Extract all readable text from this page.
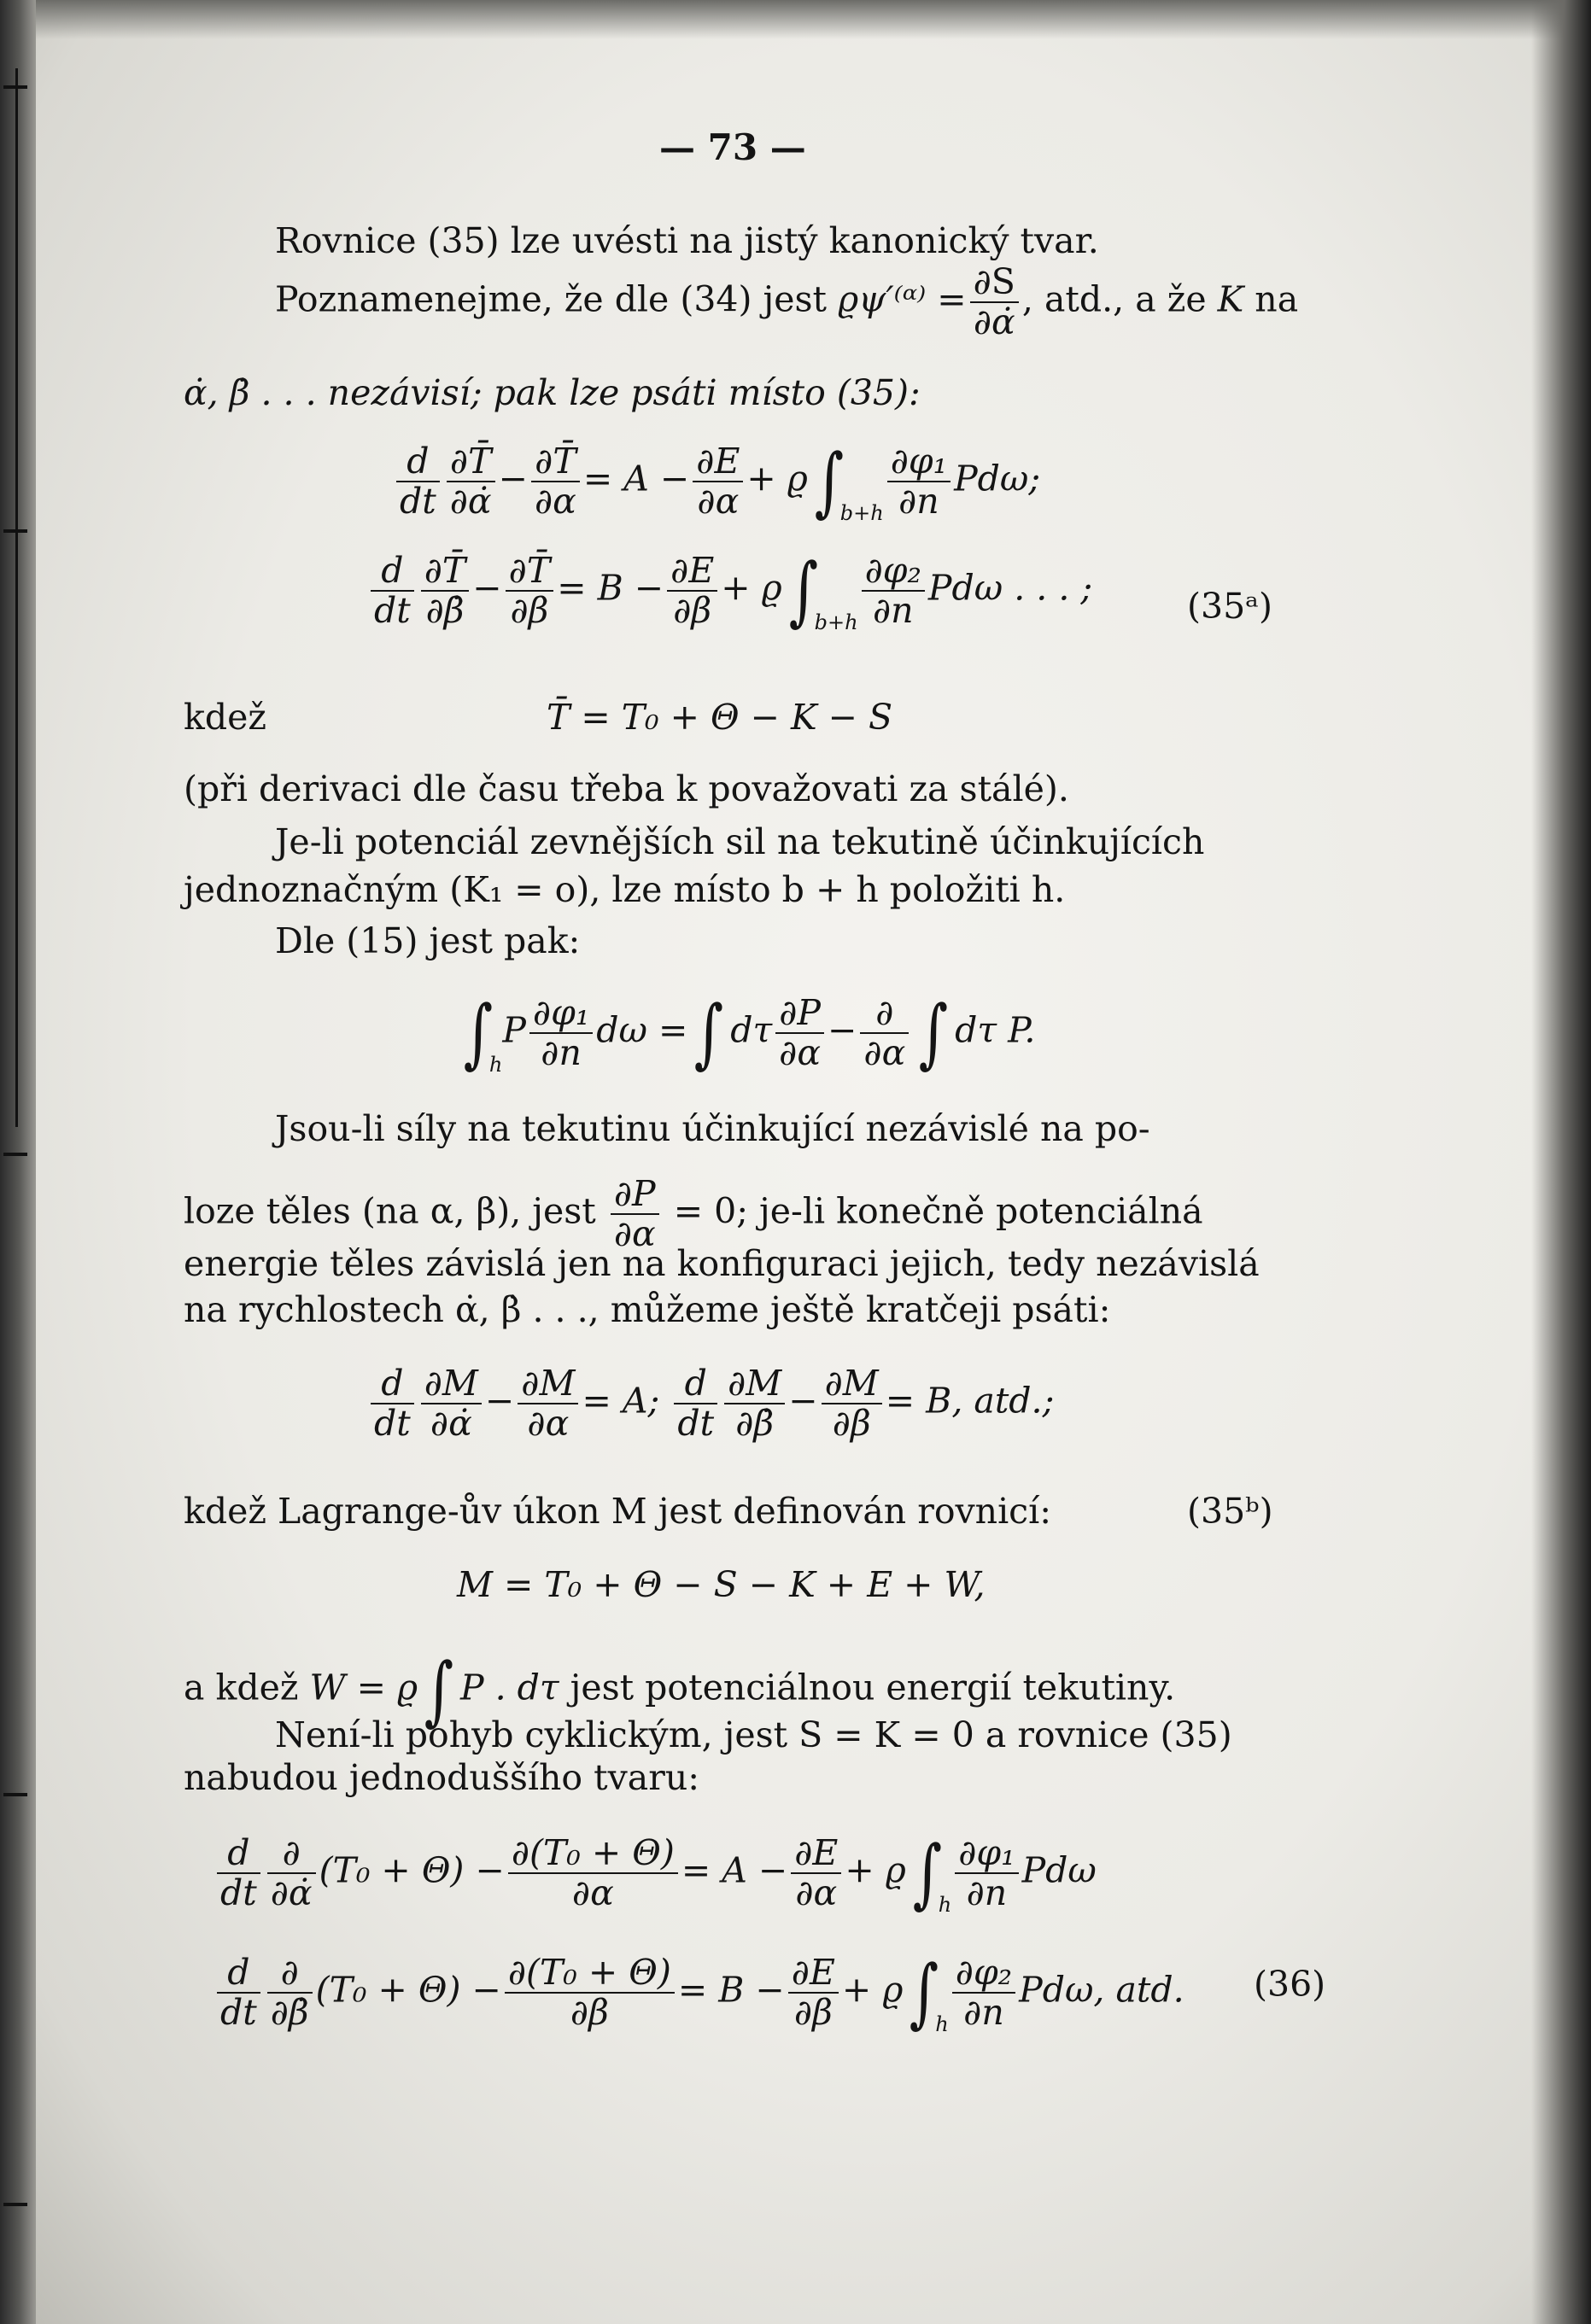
— 73 —
Rovnice (35) lze uvésti na jistý kanonický tvar.
Poznamenejme, že dle (34) jest ϱψ′⁽ᵅ⁾ = $\frac{\partial S}{\partial\alphȧ}$ , atd., a že K na
α̇, β̇ . . . nezávisí; pak lze psáti místo (35):
$\frac{d}{dt} \frac{\partial T̄}{\partial\alphȧ} - \frac{\partial T̄}{\partial\alpha} = A - \frac{\partial E}{\partial\alpha} + ϱ\int_{b+h} \frac{\text{∂φ₁}}{\partial n} Pd\omega$;
$\frac{d}{dt} \frac{\partial T̄}{\partial\betȧ} - \frac{\partial T̄}{\partial\beta} = B - \frac{\partial E}{\partial\beta} + ϱ\int_{b+h} \frac{\text{∂φ₂}}{\partial n}$ Pdω . . . ;	(35ᵃ)
kdež	T̄ = T₀ + Θ − K − S
(při derivaci dle času třeba k považovati za stálé).
Je-li potenciál zevnějších sil na tekutině účinkujících
jednoznačným (K₁ = o), lze místo b + h položiti h.
Dle (15) jest pak:
$\int_hP \frac{\text{∂φ₁}}{\partial n}$ dω =∫ dτ $\frac{\partial P}{\partial\alpha} - \frac{\partial}{\partial\alpha}$ ∫ dτ P.
Jsou-li síly na tekutinu účinkující nezávislé na po-
loze těles (na α, β), jest $\frac{\partial P}{\partial\alpha} = 0$; je-li konečně potenciálná
energie těles závislá jen na konfiguraci jejich, tedy nezávislá
na rychlostech α̇, β̇ . . ., můžeme ještě kratčeji psáti:
$\frac{d}{dt} \frac{\partial M}{\partial\alphȧ} - \frac{\partial M}{\partial\alpha} = A$; $\frac{d}{dt} \frac{\partial M}{\partial\betȧ} - \frac{\partial M}{\partial\beta} = B$, atd.;
kdež Lagrange-ův úkon M jest definován rovnicí:	(35ᵇ)
M = T₀ + Θ − S − K + E + W,
a kdež W = ϱ∫ P . dτ jest potenciálnou energií tekutiny.
Není-li pohyb cyklickým, jest S = K = 0 a rovnice (35)
nabudou jednoduššího tvaru:
$\frac{d}{dt} \frac{\partial}{\partial\alphȧ} (T_0 + \Theta) - \frac{\text{∂(T₀ + Θ)}}{\partial\alpha} = A - \frac{\partial E}{\partial\alpha} + ϱ\int_h \frac{\text{∂φ₁}}{\partial n}$ Pdω
$\frac{d}{dt} \frac{\partial}{\partial\betȧ} (T_0 + \Theta) - \frac{\text{∂(T₀ + Θ)}}{\partial\beta} = B - \frac{\partial E}{\partial\beta} + ϱ\int_h \frac{\text{∂φ₂}}{\partial n} Pd\omega$, atd. (36)
